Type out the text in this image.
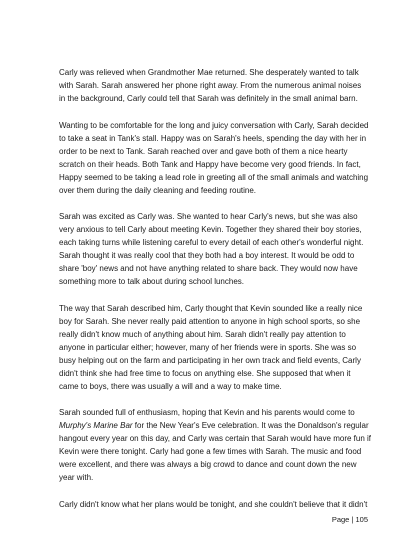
Carly was relieved when Grandmother Mae returned. She desperately wanted to talk
with Sarah. Sarah answered her phone right away. From the numerous animal noises
in the background, Carly could tell that Sarah was definitely in the small animal barn.

Wanting to be comfortable for the long and juicy conversation with Carly, Sarah decided
to take a seat in Tank's stall. Happy was on Sarah's heels, spending the day with her in
order to be next to Tank. Sarah reached over and gave both of them a nice hearty
scratch on their heads. Both Tank and Happy have become very good friends. In fact,
Happy seemed to be taking a lead role in greeting all of the small animals and watching
over them during the daily cleaning and feeding routine.

Sarah was excited as Carly was. She wanted to hear Carly's news, but she was also
very anxious to tell Carly about meeting Kevin. Together they shared their boy stories,
each taking turns while listening careful to every detail of each other's wonderful night.
Sarah thought it was really cool that they both had a boy interest. It would be odd to
share 'boy' news and not have anything related to share back. They would now have
something more to talk about during school lunches.

The way that Sarah described him, Carly thought that Kevin sounded like a really nice
boy for Sarah. She never really paid attention to anyone in high school sports, so she
really didn't know much of anything about him. Sarah didn't really pay attention to
anyone in particular either; however, many of her friends were in sports. She was so
busy helping out on the farm and participating in her own track and field events, Carly
didn't think she had free time to focus on anything else. She supposed that when it
came to boys, there was usually a will and a way to make time.

Sarah sounded full of enthusiasm, hoping that Kevin and his parents would come to
Murphy's Marine Bar for the New Year's Eve celebration. It was the Donaldson's regular
hangout every year on this day, and Carly was certain that Sarah would have more fun if
Kevin were there tonight. Carly had gone a few times with Sarah. The music and food
were excellent, and there was always a big crowd to dance and count down the new
year with.

Carly didn't know what her plans would be tonight, and she couldn't believe that it didn't

Page | 105
